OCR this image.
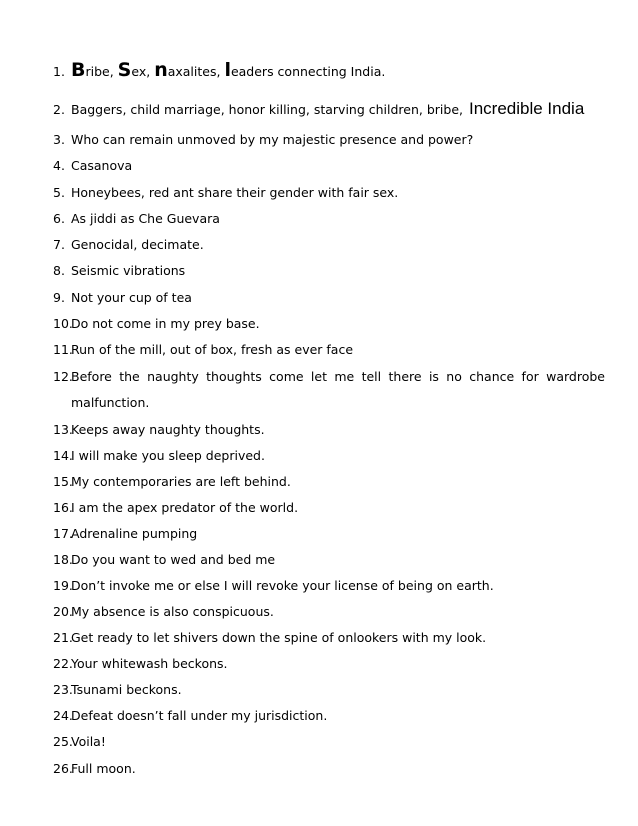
1. Bribe, Sex, naxalites, leaders connecting India.
2. Baggers, child marriage, honor killing, starving children, bribe, Incredible India
3. Who can remain unmoved by my majestic presence and power?
4. Casanova
5. Honeybees, red ant share their gender with fair sex.
6. As jiddi as Che Guevara
7. Genocidal, decimate.
8. Seismic vibrations
9. Not your cup of tea
10.Do not come in my prey base.
11.Run of the mill, out of box, fresh as ever face
12.
Before the naughty thoughts come let me tell there is no chance for wardrobe
malfunction.
13.Keeps away naughty thoughts.
14.I will make you sleep deprived.
15.My contemporaries are left behind.
16.I am the apex predator of the world.
17.Adrenaline pumping
18.Do you want to wed and bed me
19.Don’t invoke me or else I will revoke your license of being on earth.
20.My absence is also conspicuous.
21.Get ready to let shivers down the spine of onlookers with my look.
22.Your whitewash beckons.
23.Tsunami beckons.
24.Defeat doesn’t fall under my jurisdiction.
25.Voila!
26.Full moon.
